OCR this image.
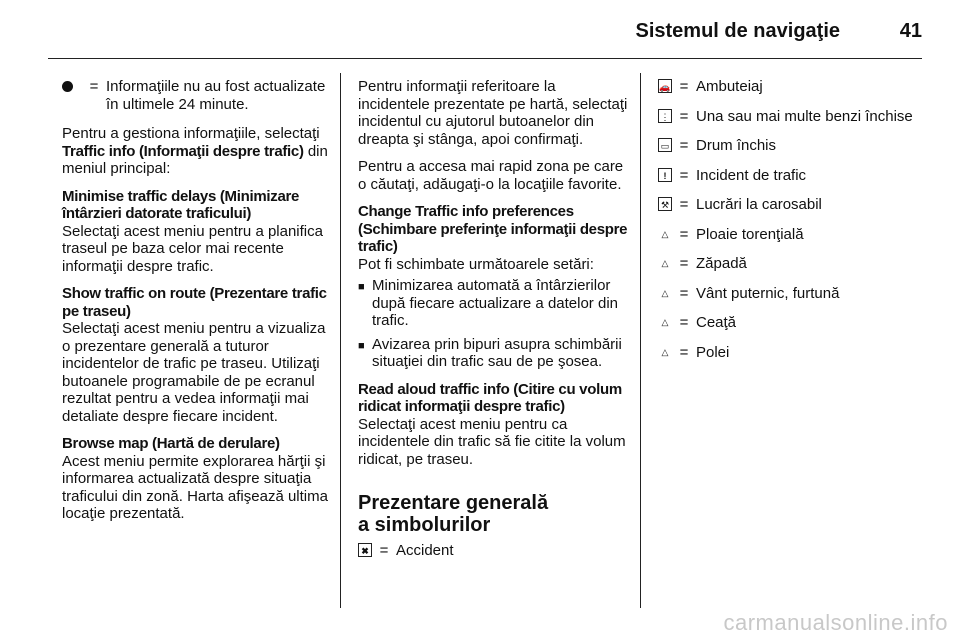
Sistemul de navigaţie	41
= Informaţiile nu au fost actualizate în ultimele 24 minute.

Pentru a gestiona informaţiile, selectaţi Traffic info (Informaţii despre trafic) din meniul principal:

Minimise traffic delays (Minimizare întârzieri datorate traficului)

Selectaţi acest meniu pentru a planifica traseul pe baza celor mai recente informaţii despre trafic.

Show traffic on route (Prezentare trafic pe traseu)

Selectaţi acest meniu pentru a vizualiza o prezentare generală a tuturor incidentelor de trafic pe traseu. Utilizaţi butoanele programabile de pe ecranul rezultat pentru a vedea informaţii mai detaliate despre fiecare incident.

Browse map (Hartă de derulare)

Acest meniu permite explorarea hărţii şi informarea actualizată despre situaţia traficului din zonă. Harta afişează ultima locaţie prezentată.

Pentru informaţii referitoare la incidentele prezentate pe hartă, selectaţi incidentul cu ajutorul butoanelor din dreapta şi stânga, apoi confirmaţi.

Pentru a accesa mai rapid zona pe care o căutaţi, adăugaţi-o la locaţiile favorite.

Change Traffic info preferences (Schimbare preferinţe informaţii despre trafic)

Pot fi schimbate următoarele setări:

■ Minimizarea automată a întârzierilor după fiecare actualizare a datelor din trafic.
■ Avizarea prin bipuri asupra schimbării situaţiei din trafic sau de pe şosea.
Read aloud traffic info (Citire cu volum ridicat informaţii despre trafic)

Selectaţi acest meniu pentru ca incidentele din trafic să fie citite la volum ridicat, pe traseu.

Prezentare generală
a simbolurilor
✖ = Accident
🚗 = Ambuteiaj
⋮ = Una sau mai multe benzi închise
▭ = Drum închis
! = Incident de trafic
⚒ = Lucrări la carosabil
△ = Ploaie torenţială
△ = Zăpadă
△ = Vânt puternic, furtună
△ = Ceaţă
△ = Polei
carmanualsonline.info
